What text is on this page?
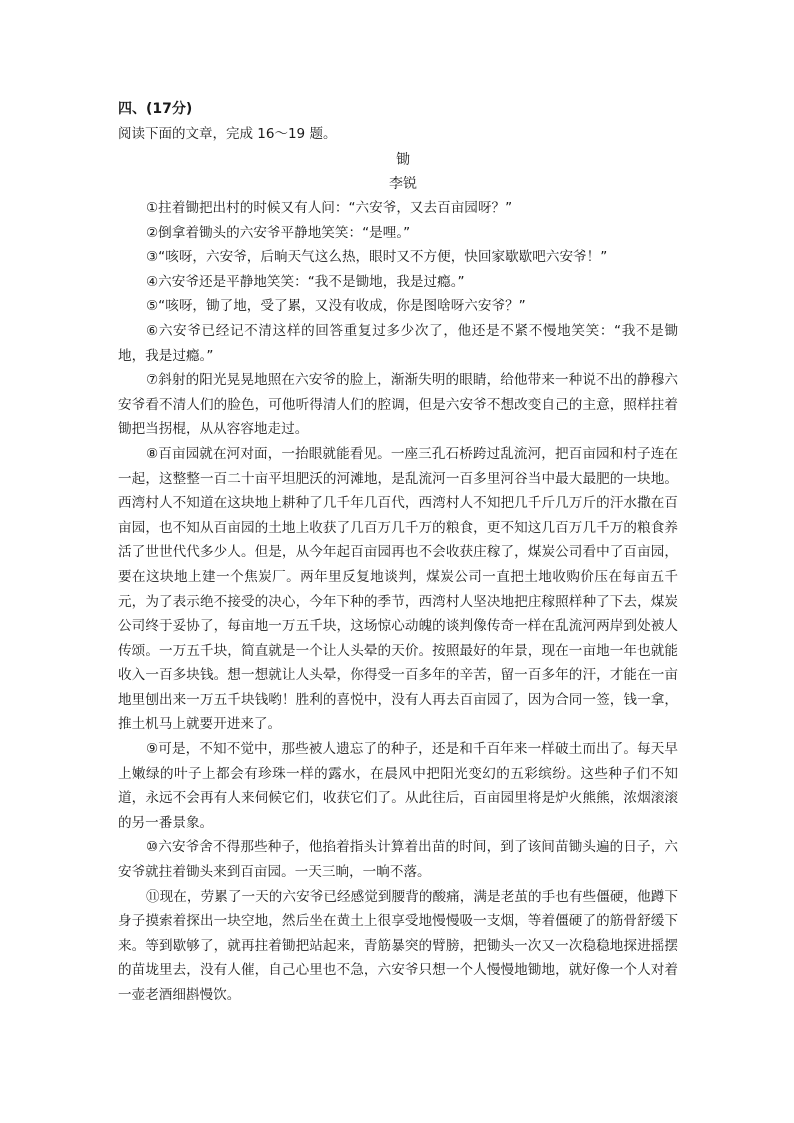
四、(17分)
阅读下面的文章，完成 16～19 题。
锄
李锐

①拄着锄把出村的时候又有人问：“六安爷，又去百亩园呀？”

②倒拿着锄头的六安爷平静地笑笑：“是哩。”

③“咳呀，六安爷，后晌天气这么热，眼时又不方便，快回家歇歇吧六安爷！”

④六安爷还是平静地笑笑：“我不是锄地，我是过瘾。”

⑤“咳呀，锄了地，受了累，又没有收成，你是图啥呀六安爷？”

⑥六安爷已经记不清这样的回答重复过多少次了，他还是不紧不慢地笑笑：“我不是锄地，我是过瘾。”

⑦斜射的阳光晃晃地照在六安爷的脸上，渐渐失明的眼睛，给他带来一种说不出的静穆六安爷看不清人们的脸色，可他听得清人们的腔调，但是六安爷不想改变自己的主意，照样拄着锄把当拐棍，从从容容地走过。

⑧百亩园就在河对面，一抬眼就能看见。一座三孔石桥跨过乱流河，把百亩园和村子连在一起，这整整一百二十亩平坦肥沃的河滩地，是乱流河一百多里河谷当中最大最肥的一块地。西湾村人不知道在这块地上耕种了几千年几百代，西湾村人不知把几千斤几万斤的汗水撒在百亩园，也不知从百亩园的土地上收获了几百万几千万的粮食，更不知这几百万几千万的粮食养活了世世代代多少人。但是，从今年起百亩园再也不会收获庄稼了，煤炭公司看中了百亩园，要在这块地上建一个焦炭厂。两年里反复地谈判，煤炭公司一直把土地收购价压在每亩五千元，为了表示绝不接受的决心，今年下种的季节，西湾村人坚决地把庄稼照样种了下去，煤炭公司终于妥协了，每亩地一万五千块，这场惊心动魄的谈判像传奇一样在乱流河两岸到处被人传颂。一万五千块，简直就是一个让人头晕的天价。按照最好的年景，现在一亩地一年也就能收入一百多块钱。想一想就让人头晕，你得受一百多年的辛苦，留一百多年的汗，才能在一亩地里刨出来一万五千块钱哟！胜利的喜悦中，没有人再去百亩园了，因为合同一签，钱一拿，推土机马上就要开进来了。

⑨可是，不知不觉中，那些被人遗忘了的种子，还是和千百年来一样破土而出了。每天早上嫩绿的叶子上都会有珍珠一样的露水，在晨风中把阳光变幻的五彩缤纷。这些种子们不知道，永远不会再有人来伺候它们，收获它们了。从此往后，百亩园里将是炉火熊熊，浓烟滚滚的另一番景象。

⑩六安爷舍不得那些种子，他掐着指头计算着出苗的时间，到了该间苗锄头遍的日子，六安爷就拄着锄头来到百亩园。一天三晌，一晌不落。

⑪现在，劳累了一天的六安爷已经感觉到腰背的酸痛，满是老茧的手也有些僵硬，他蹲下身子摸索着探出一块空地，然后坐在黄土上很享受地慢慢吸一支烟，等着僵硬了的筋骨舒缓下来。等到歇够了，就再拄着锄把站起来，青筋暴突的臂膀，把锄头一次又一次稳稳地探进摇摆的苗垅里去，没有人催，自己心里也不急，六安爷只想一个人慢慢地锄地，就好像一个人对着一壶老酒细斟慢饮。
